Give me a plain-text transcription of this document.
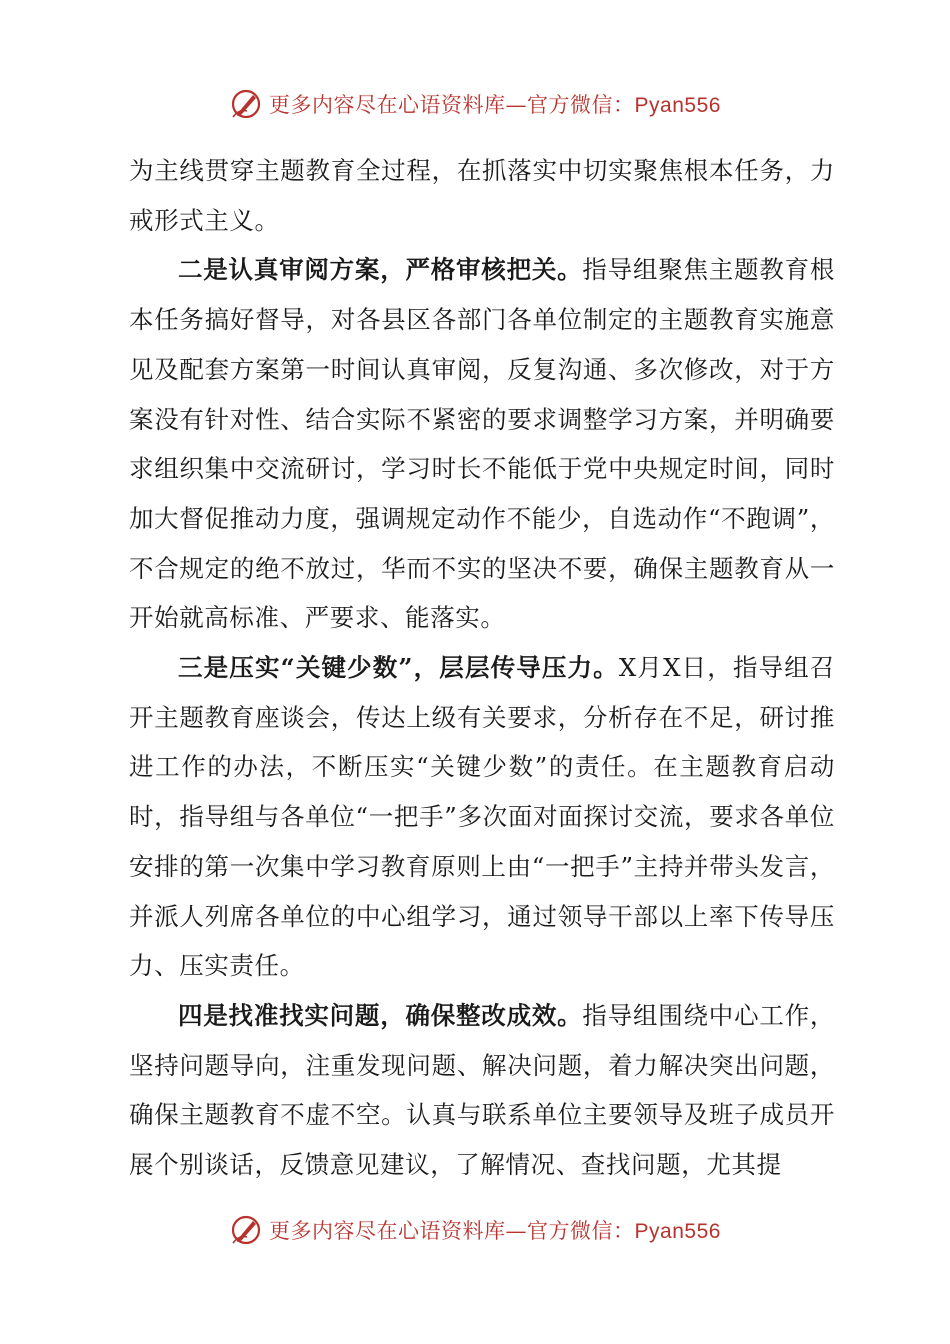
更多内容尽在心语资料库—官方微信：Pyan556

为主线贯穿主题教育全过程，在抓落实中切实聚焦根本任务，力戒形式主义。

二是认真审阅方案，严格审核把关。指导组聚焦主题教育根本任务搞好督导，对各县区各部门各单位制定的主题教育实施意见及配套方案第一时间认真审阅，反复沟通、多次修改，对于方案没有针对性、结合实际不紧密的要求调整学习方案，并明确要求组织集中交流研讨，学习时长不能低于党中央规定时间，同时加大督促推动力度，强调规定动作不能少，自选动作“不跑调”，不合规定的绝不放过，华而不实的坚决不要，确保主题教育从一开始就高标准、严要求、能落实。

三是压实“关键少数”，层层传导压力。X月X日，指导组召开主题教育座谈会，传达上级有关要求，分析存在不足，研讨推进工作的办法，不断压实“关键少数”的责任。在主题教育启动时，指导组与各单位“一把手”多次面对面探讨交流，要求各单位安排的第一次集中学习教育原则上由“一把手”主持并带头发言，并派人列席各单位的中心组学习，通过领导干部以上率下传导压力、压实责任。

四是找准找实问题，确保整改成效。指导组围绕中心工作，坚持问题导向，注重发现问题、解决问题，着力解决突出问题，确保主题教育不虚不空。认真与联系单位主要领导及班子成员开展个别谈话，反馈意见建议，了解情况、查找问题，尤其提

更多内容尽在心语资料库—官方微信：Pyan556
